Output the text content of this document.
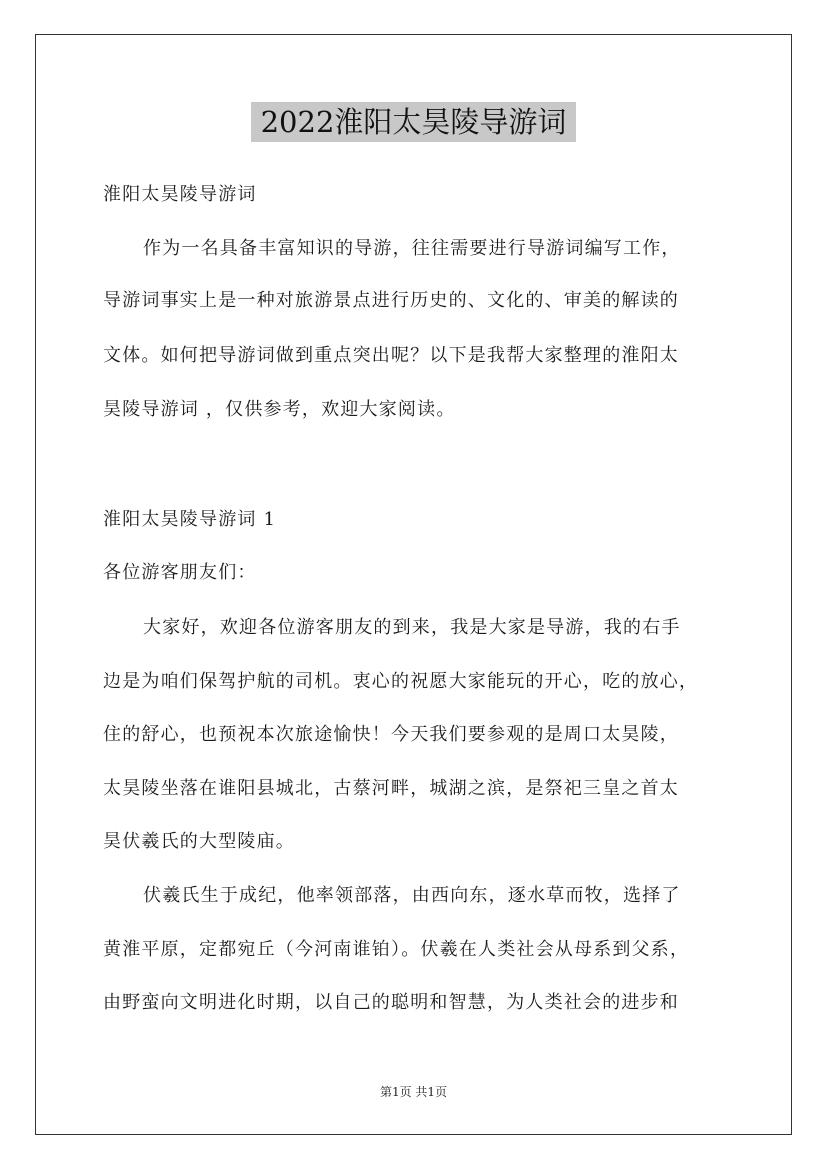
2022淮阳太昊陵导游词
淮阳太昊陵导游词
作为一名具备丰富知识的导游，往往需要进行导游词编写工作，
导游词事实上是一种对旅游景点进行历史的、文化的、审美的解读的
文体。如何把导游词做到重点突出呢？以下是我帮大家整理的淮阳太
昊陵导游词 ，仅供参考，欢迎大家阅读。
淮阳太昊陵导游词 1
各位游客朋友们：
大家好，欢迎各位游客朋友的到来，我是大家是导游，我的右手
边是为咱们保驾护航的司机。衷心的祝愿大家能玩的开心，吃的放心，
住的舒心，也预祝本次旅途愉快！今天我们要参观的是周口太昊陵，
太昊陵坐落在谁阳县城北，古蔡河畔，城湖之滨，是祭祀三皇之首太
昊伏羲氏的大型陵庙。
伏羲氏生于成纪，他率领部落，由西向东，逐水草而牧，选择了
黄淮平原，定都宛丘（今河南谁铂）。伏羲在人类社会从母系到父系，
由野蛮向文明进化时期，以自己的聪明和智慧，为人类社会的进步和
第1页 共1页
